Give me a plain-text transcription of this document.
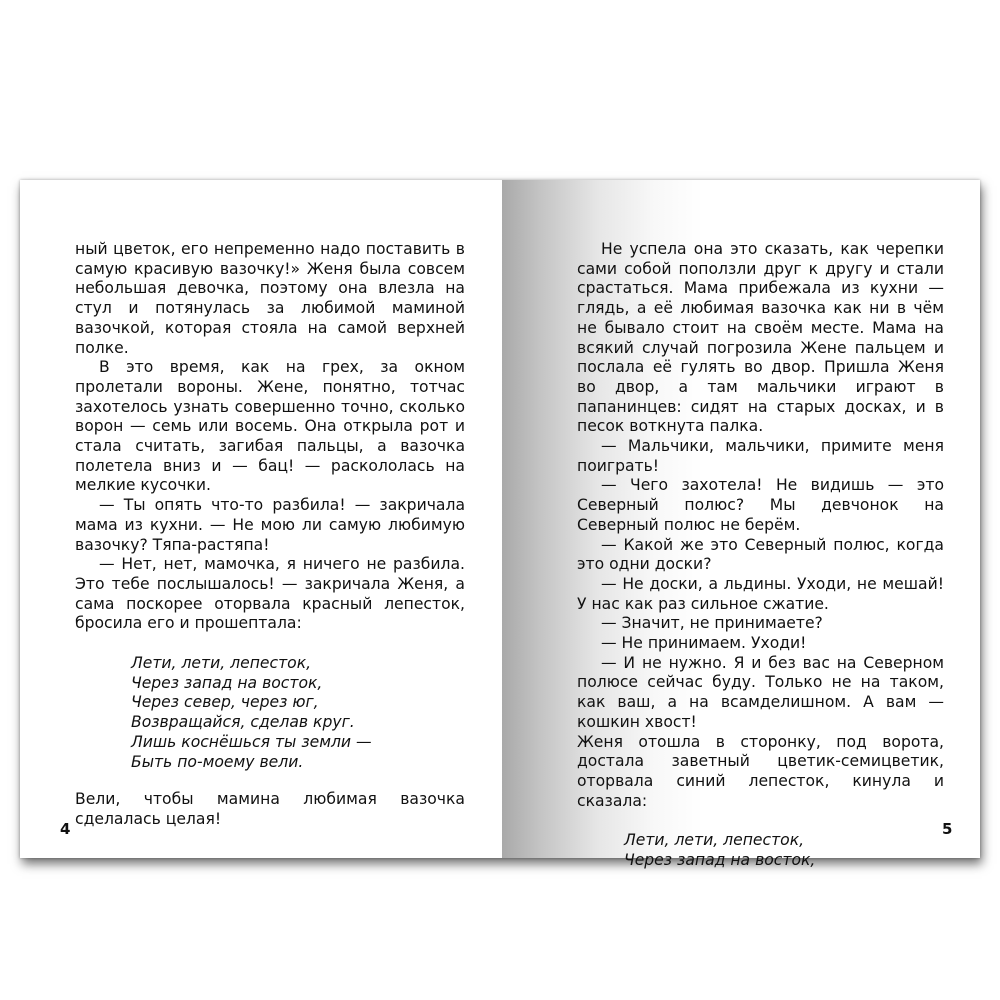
ный цветок, его непременно надо поставить в самую красивую вазочку!» Женя была совсем небольшая девочка, поэтому она влезла на стул и потянулась за любимой маминой вазочкой, которая стояла на самой верхней полке.

В это время, как на грех, за окном пролетали вороны. Жене, понятно, тотчас захотелось узнать совершенно точно, сколько ворон — семь или восемь. Она открыла рот и стала считать, загибая пальцы, а вазочка полетела вниз и — бац! — раскололась на мелкие кусочки.

— Ты опять что-то разбила! — закричала мама из кухни. — Не мою ли самую любимую вазочку? Тяпа-растяпа!

— Нет, нет, мамочка, я ничего не разбила. Это тебе послышалось! — закричала Женя, а сама поскорее оторвала красный лепесток, бросила его и прошептала:

Лети, лети, лепесток,
Через запад на восток,
Через север, через юг,
Возвращайся, сделав круг.
Лишь коснёшься ты земли —
Быть по-моему вели.

Вели, чтобы мамина любимая вазочка сделалась целая!

4

Не успела она это сказать, как черепки сами собой поползли друг к другу и стали срастаться. Мама прибежала из кухни — глядь, а её любимая вазочка как ни в чём не бывало стоит на своём месте. Мама на всякий случай погрозила Жене пальцем и послала её гулять во двор. Пришла Женя во двор, а там мальчики играют в папанинцев: сидят на старых досках, и в песок воткнута палка.

— Мальчики, мальчики, примите меня поиграть!

— Чего захотела! Не видишь — это Северный полюс? Мы девчонок на Северный полюс не берём.

— Какой же это Северный полюс, когда это одни доски?

— Не доски, а льдины. Уходи, не мешай! У нас как раз сильное сжатие.

— Значит, не принимаете?

— Не принимаем. Уходи!

— И не нужно. Я и без вас на Северном полюсе сейчас буду. Только не на таком, как ваш, а на всамделишном. А вам — кошкин хвост!

Женя отошла в сторонку, под ворота, достала заветный цветик-семицветик, оторвала синий лепесток, кинула и сказала:

Лети, лети, лепесток,
Через запад на восток,
5
